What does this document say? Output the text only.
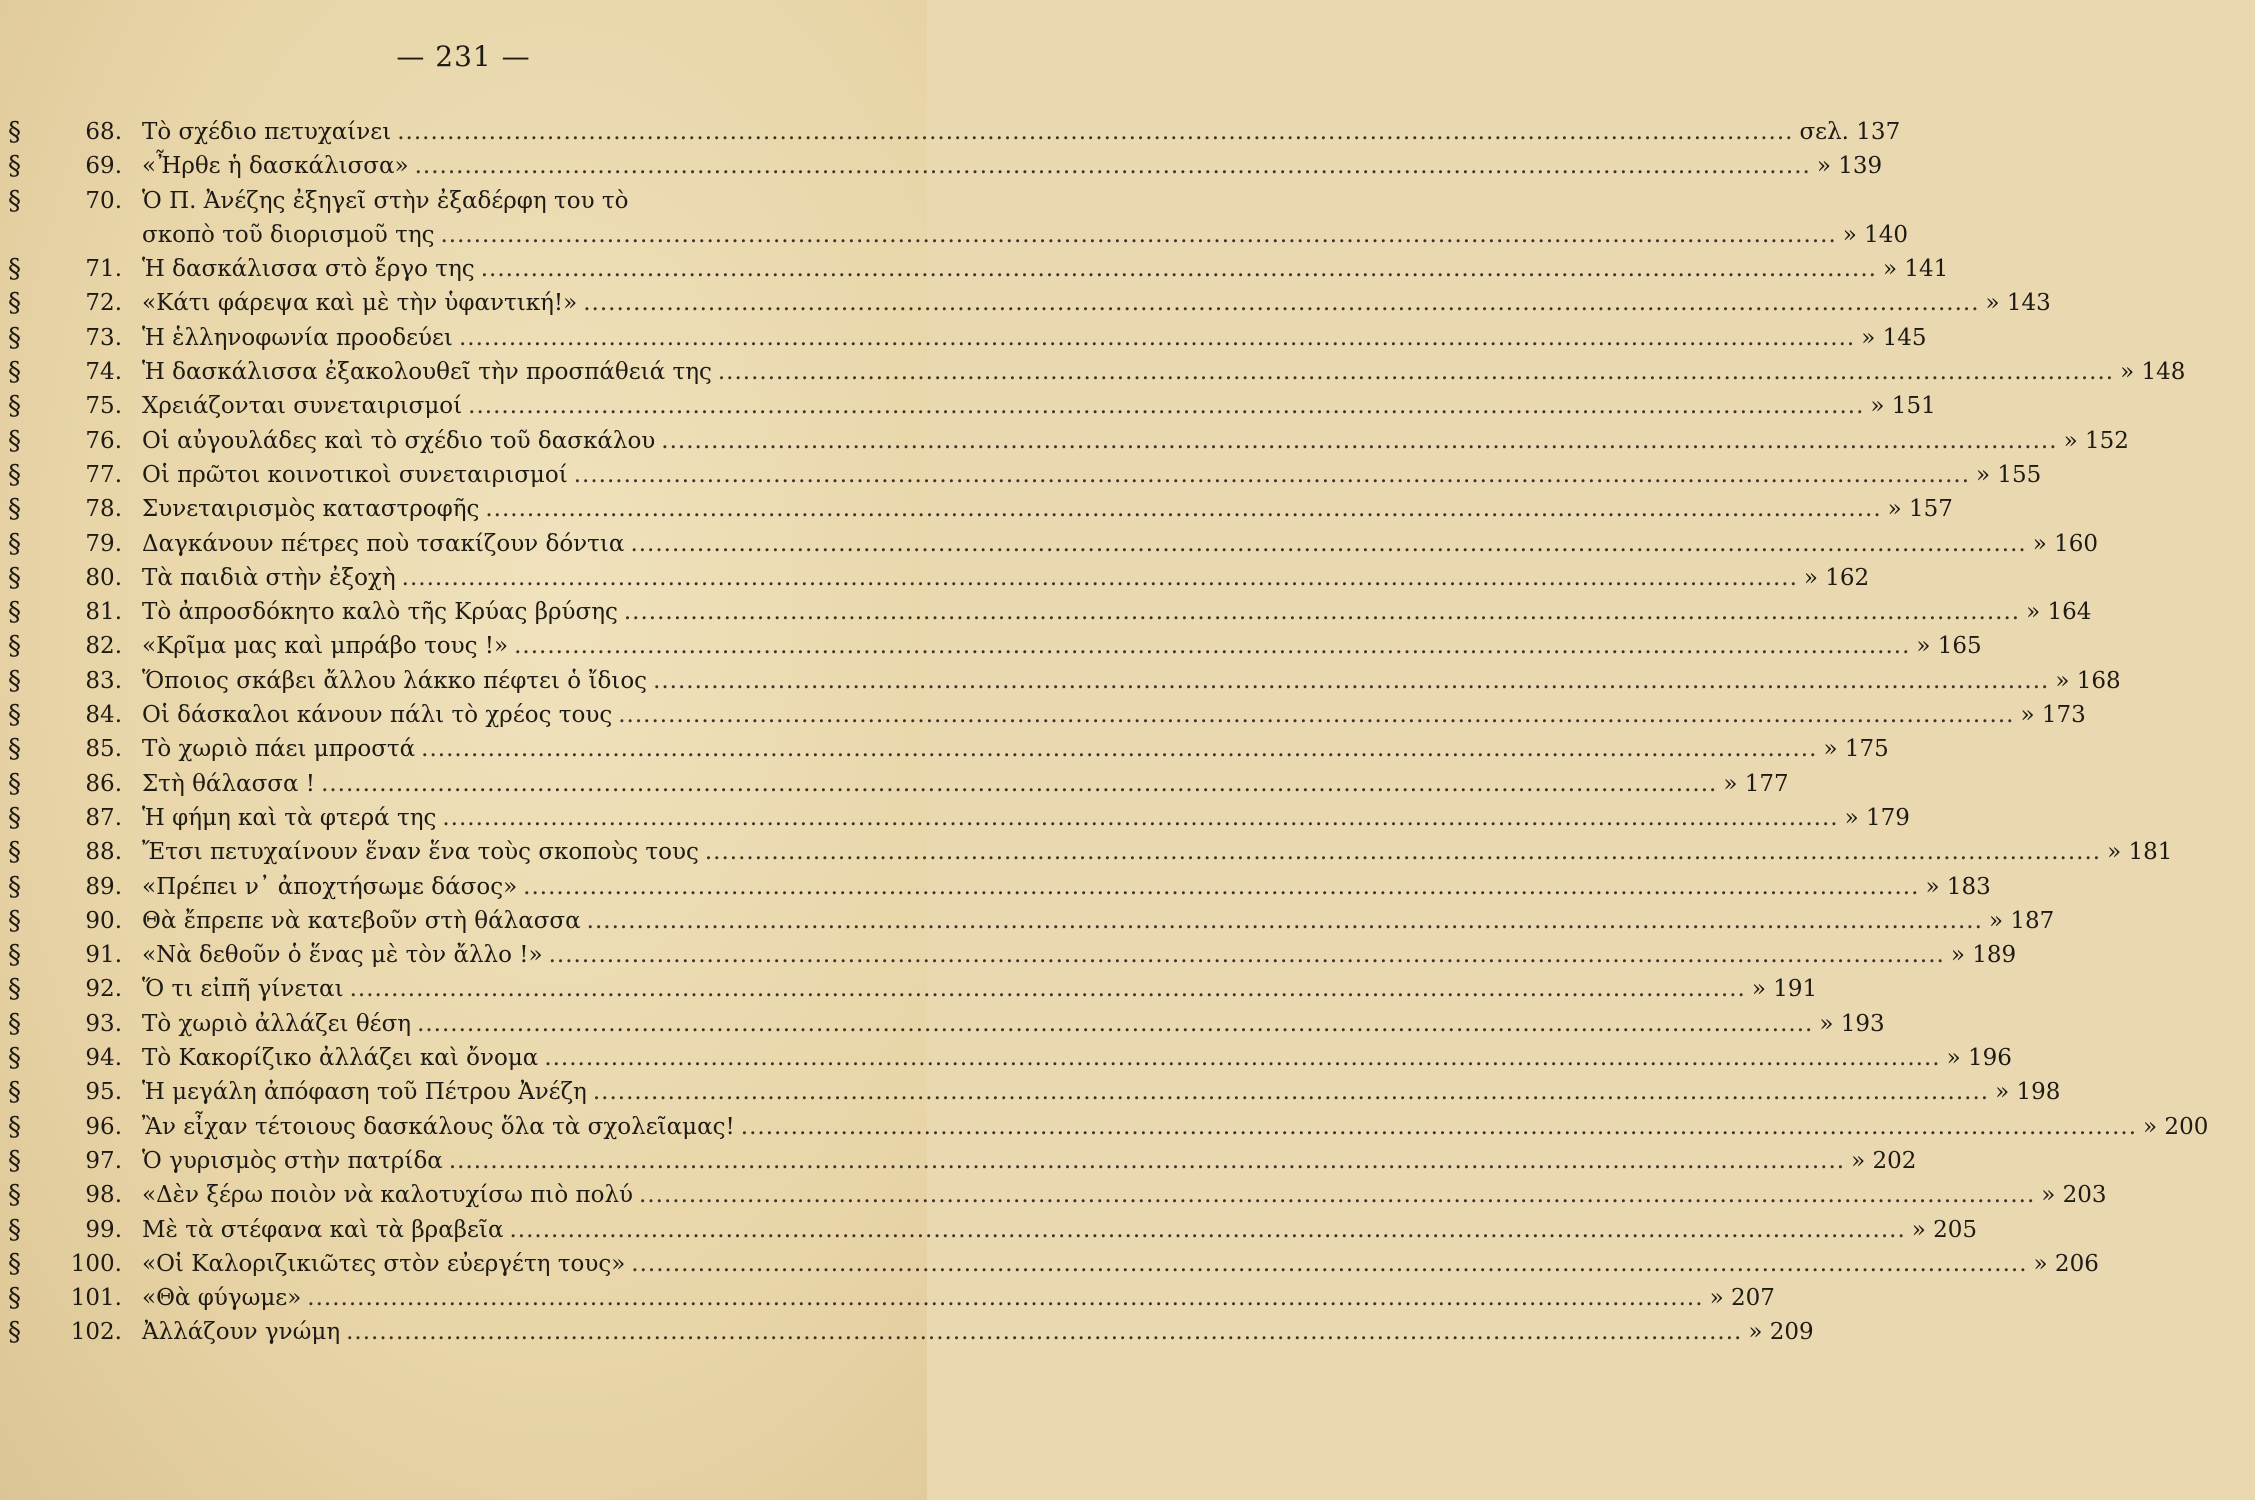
— 231 —
§	68. Τὸ σχέδιο πετυχαίνει .....	σελ. 137
§	69. «Ἦρθε ἡ δασκάλισσα» .....	» 139
§	70. Ὁ Π. Ἀνέζης ἐξηγεῖ στὴν ἐξαδέρφη του τὸ
σκοπὸ τοῦ διορισμοῦ της .....	» 140
§	71. Ἡ δασκάλισσα στὸ ἔργο της .....	» 141
§	72. «Κάτι φάρεψα καὶ μὲ τὴν ὑφαντική!» .....	» 143
§	73. Ἡ ἑλληνοφωνία προοδεύει .....	» 145
§	74. Ἡ δασκάλισσα ἐξακολουθεῖ τὴν προσπάθειά της .....	» 148
§	75. Χρειάζονται συνεταιρισμοί .....	» 151
§	76. Οἱ αὐγουλάδες καὶ τὸ σχέδιο τοῦ δασκάλου .....	» 152
§	77. Οἱ πρῶτοι κοινοτικοὶ συνεταιρισμοί .....	» 155
§	78. Συνεταιρισμὸς καταστροφῆς .....	» 157
§	79. Δαγκάνουν πέτρες ποὺ τσακίζουν δόντια .....	» 160
§	80. Τὰ παιδιὰ στὴν ἐξοχὴ .....	» 162
§	81. Τὸ ἀπροσδόκητο καλὸ τῆς Κρύας βρύσης .....	» 164
§	82. «Κρῖμα μας καὶ μπράβο τους !» .....	» 165
§	83. Ὅποιος σκάβει ἄλλου λάκκο πέφτει ὁ ἴδιος .....	» 168
§	84. Οἱ δάσκαλοι κάνουν πάλι τὸ χρέος τους .....	» 173
§	85. Τὸ χωριὸ πάει μπροστά .....	» 175
§	86. Στὴ θάλασσα ! .....	» 177
§	87. Ἡ φήμη καὶ τὰ φτερά της .....	» 179
§	88. Ἔτσι πετυχαίνουν ἕναν ἕνα τοὺς σκοποὺς τους .....	» 181
§	89. «Πρέπει ν᾽ ἀποχτήσωμε δάσος» .....	» 183
§	90. Θὰ ἔπρεπε νὰ κατεβοῦν στὴ θάλασσα .....	» 187
§	91. «Νὰ δεθοῦν ὁ ἕνας μὲ τὸν ἄλλο !» .....	» 189
§	92. Ὅ τι εἰπῆ γίνεται .....	» 191
§	93. Τὸ χωριὸ ἀλλάζει θέση .....	» 193
§	94. Τὸ Κακορίζικο ἀλλάζει καὶ ὄνομα .....	» 196
§	95. Ἡ μεγάλη ἀπόφαση τοῦ Πέτρου Ἀνέζη .....	» 198
§	96. Ἂν εἶχαν τέτοιους δασκάλους ὅλα τὰ σχολεῖαμας! .....	» 200
§	97. Ὁ γυρισμὸς στὴν πατρίδα .....	» 202
§	98. «Δὲν ξέρω ποιὸν νὰ καλοτυχίσω πιὸ πολύ .....	» 203
§	99. Μὲ τὰ στέφανα καὶ τὰ βραβεῖα .....	» 205
§	100. «Οἱ Καλοριζικιῶτες στὸν εὐεργέτη τους» .....	» 206
§	101. «Θὰ φύγωμε» .....	» 207
§	102. Ἀλλάζουν γνώμη .....	» 209
